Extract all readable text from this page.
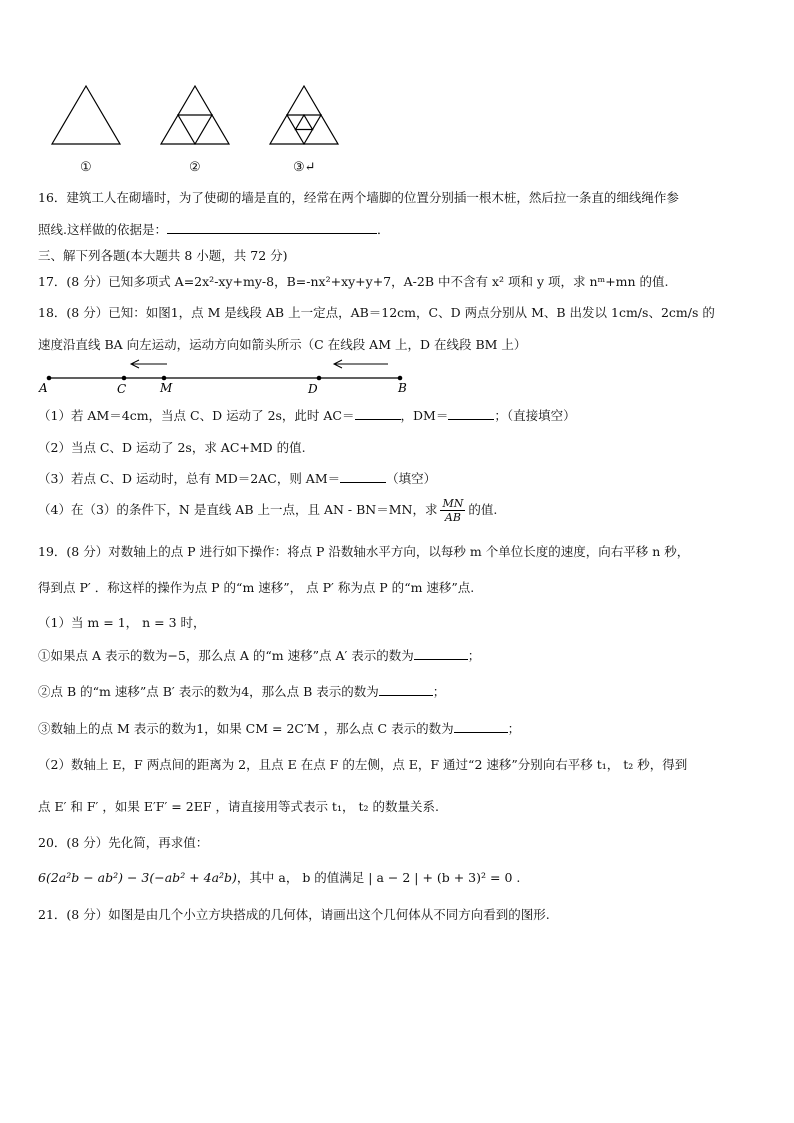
①	②	③↵
16．建筑工人在砌墙时，为了使砌的墙是直的，经常在两个墙脚的位置分别插一根木桩，然后拉一条直的细线绳作参
照线.这样做的依据是：	．
三、解下列各题(本大题共 8 小题，共 72 分)
17．(8 分）已知多项式 A=2x²-xy+my-8，B=-nx²+xy+y+7，A-2B 中不含有 x² 项和 y 项，求 nᵐ+mn 的值.
18．(8 分）已知：如图1，点 M 是线段 AB 上一定点，AB＝12cm，C、D 两点分别从 M、B 出发以 1cm/s、2cm/s 的
速度沿直线 BA 向左运动，运动方向如箭头所示（C 在线段 AM 上，D 在线段 BM 上）
A	C	M	D	B
（1）若 AM＝4cm，当点 C、D 运动了 2s，此时 AC＝	，DM＝	；（直接填空）
（2）当点 C、D 运动了 2s，求 AC+MD 的值.
（3）若点 C、D 运动时，总有 MD＝2AC，则 AM＝	（填空）
（4）在（3）的条件下，N 是直线 AB 上一点，且 AN - BN＝MN，求 $\frac{MN}{AB}$ 的值.
19．(8 分）对数轴上的点 P 进行如下操作：将点 P 沿数轴水平方向，以每秒 m 个单位长度的速度，向右平移 n 秒，
得到点 P′ ．称这样的操作为点 P 的“m 速移”， 点 P′ 称为点 P 的“m 速移”点.
（1）当 m = 1， n = 3 时，
①如果点 A 表示的数为−5，那么点 A 的“m 速移”点 A′ 表示的数为	；
②点 B 的“m 速移”点 B′ 表示的数为4，那么点 B 表示的数为	；
③数轴上的点 M 表示的数为1，如果 CM = 2C′M ，那么点 C 表示的数为	；
（2）数轴上 E，F 两点间的距离为 2，且点 E 在点 F 的左侧，点 E，F 通过“2 速移”分别向右平移 t₁， t₂ 秒，得到
点 E′ 和 F′ ，如果 E′F′ = 2EF ，请直接用等式表示 t₁， t₂ 的数量关系.
20．(8 分）先化简，再求值：
6(2a²b − ab²) − 3(−ab² + 4a²b)，其中 a， b 的值满足 | a − 2 | + (b + 3)² = 0 .
21．(8 分）如图是由几个小立方块搭成的几何体，请画出这个几何体从不同方向看到的图形.
